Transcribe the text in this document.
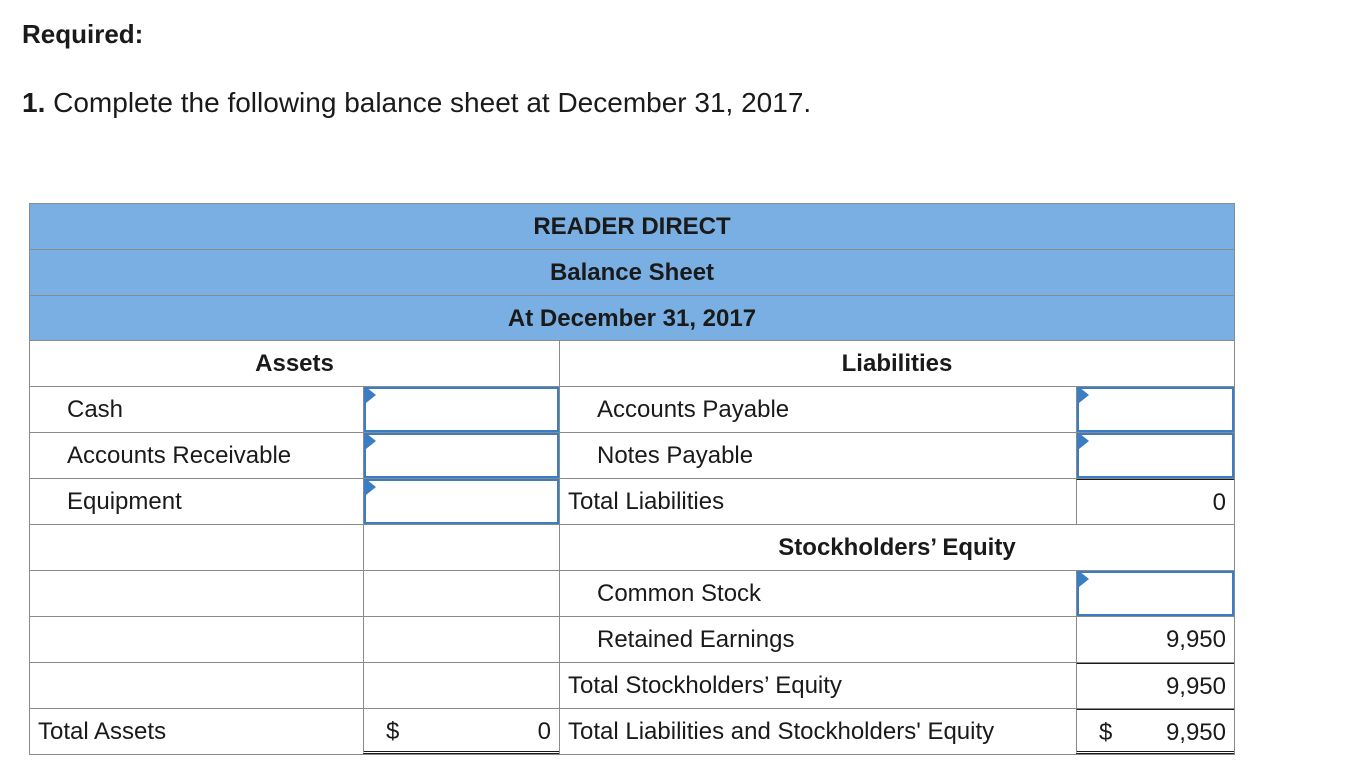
Required:
1. Complete the following balance sheet at December 31, 2017.
READER DIRECT
Balance Sheet
At December 31, 2017
Assets	Liabilities
Cash	Accounts Payable
Accounts Receivable	Notes Payable
Equipment	Total Liabilities	0
Stockholders’ Equity
Common Stock
Retained Earnings	9,950
Total Stockholders’ Equity	9,950
Total Assets	$	0 Total Liabilities and Stockholders' Equity	$ 9,950
